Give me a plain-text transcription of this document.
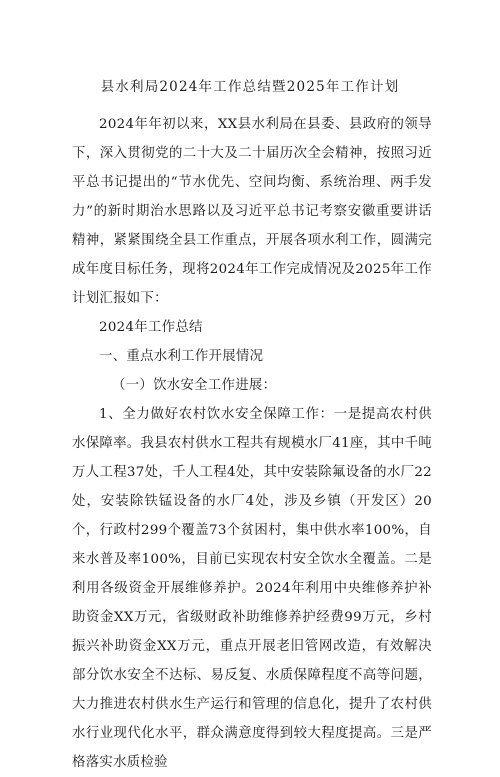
县水利局2024年工作总结暨2025年工作计划

2024年年初以来，XX县水利局在县委、县政府的领导下，深入贯彻党的二十大及二十届历次全会精神，按照习近平总书记提出的“节水优先、空间均衡、系统治理、两手发力”的新时期治水思路以及习近平总书记考察安徽重要讲话精神，紧紧围绕全县工作重点，开展各项水利工作，圆满完成年度目标任务，现将2024年工作完成情况及2025年工作计划汇报如下：

2024年工作总结

一、重点水利工作开展情况

（一）饮水安全工作进展：

1、全力做好农村饮水安全保障工作：一是提高农村供水保障率。我县农村供水工程共有规模水厂41座，其中千吨万人工程37处，千人工程4处，其中安装除氟设备的水厂22处，安装除铁锰设备的水厂4处，涉及乡镇（开发区）20个，行政村299个覆盖73个贫困村，集中供水率100%，自来水普及率100%，目前已实现农村安全饮水全覆盖。二是利用各级资金开展维修养护。2024年利用中央维修养护补助资金XX万元，省级财政补助维修养护经费99万元，乡村振兴补助资金XX万元，重点开展老旧管网改造，有效解决部分饮水安全不达标、易反复、水质保障程度不高等问题，大力推进农村供水生产运行和管理的信息化，提升了农村供水行业现代化水平，群众满意度得到较大程度提高。三是严格落实水质检验
